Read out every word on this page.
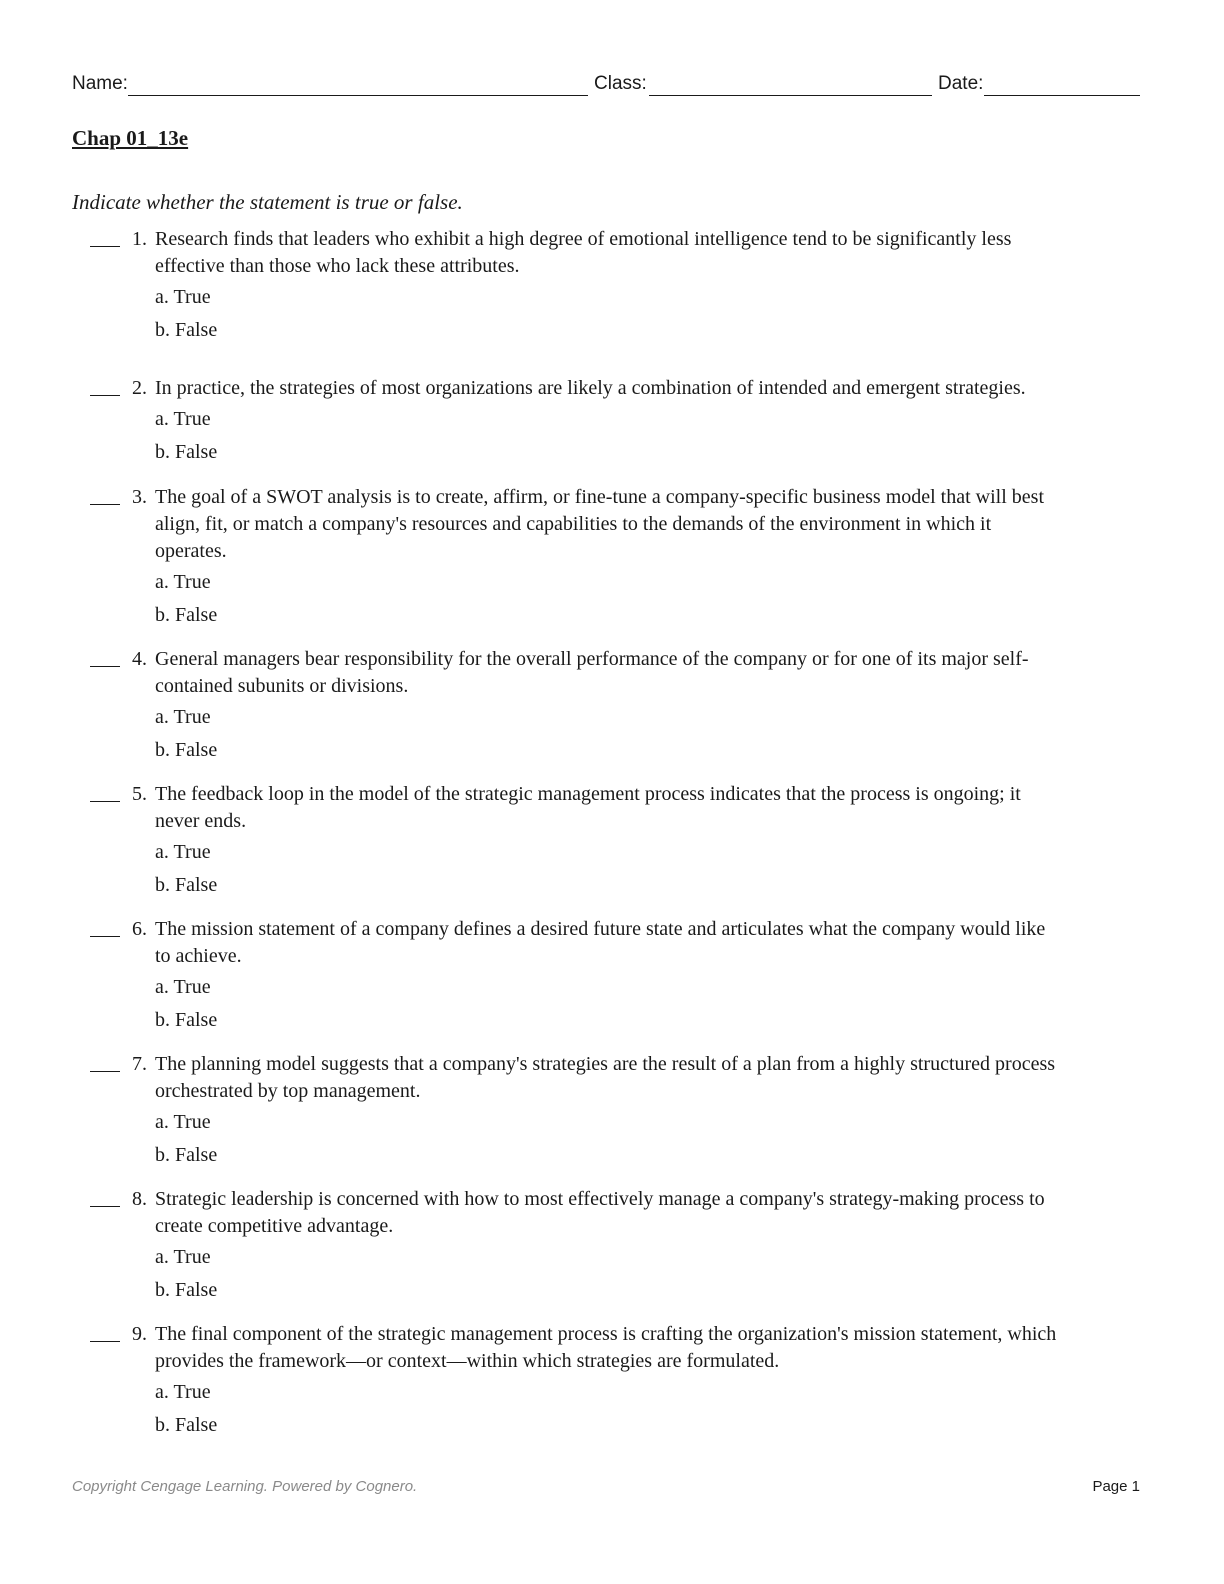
Name:	Class:	Date:
Chap 01_13e
Indicate whether the statement is true or false.
1. Research finds that leaders who exhibit a high degree of emotional intelligence tend to be significantly less
effective than those who lack these attributes.
a. True
b. False
2. In practice, the strategies of most organizations are likely a combination of intended and emergent strategies.
a. True
b. False
3. The goal of a SWOT analysis is to create, affirm, or fine-tune a company-specific business model that will best
align, fit, or match a company's resources and capabilities to the demands of the environment in which it
operates.
a. True
b. False
4. General managers bear responsibility for the overall performance of the company or for one of its major self-
contained subunits or divisions.
a. True
b. False
5. The feedback loop in the model of the strategic management process indicates that the process is ongoing; it
never ends.
a. True
b. False
6. The mission statement of a company defines a desired future state and articulates what the company would like
to achieve.
a. True
b. False
7. The planning model suggests that a company's strategies are the result of a plan from a highly structured process
orchestrated by top management.
a. True
b. False
8. Strategic leadership is concerned with how to most effectively manage a company's strategy-making process to
create competitive advantage.
a. True
b. False
9. The final component of the strategic management process is crafting the organization's mission statement, which
provides the framework—or context—within which strategies are formulated.
a. True
b. False
Copyright Cengage Learning. Powered by Cognero.	Page 1
